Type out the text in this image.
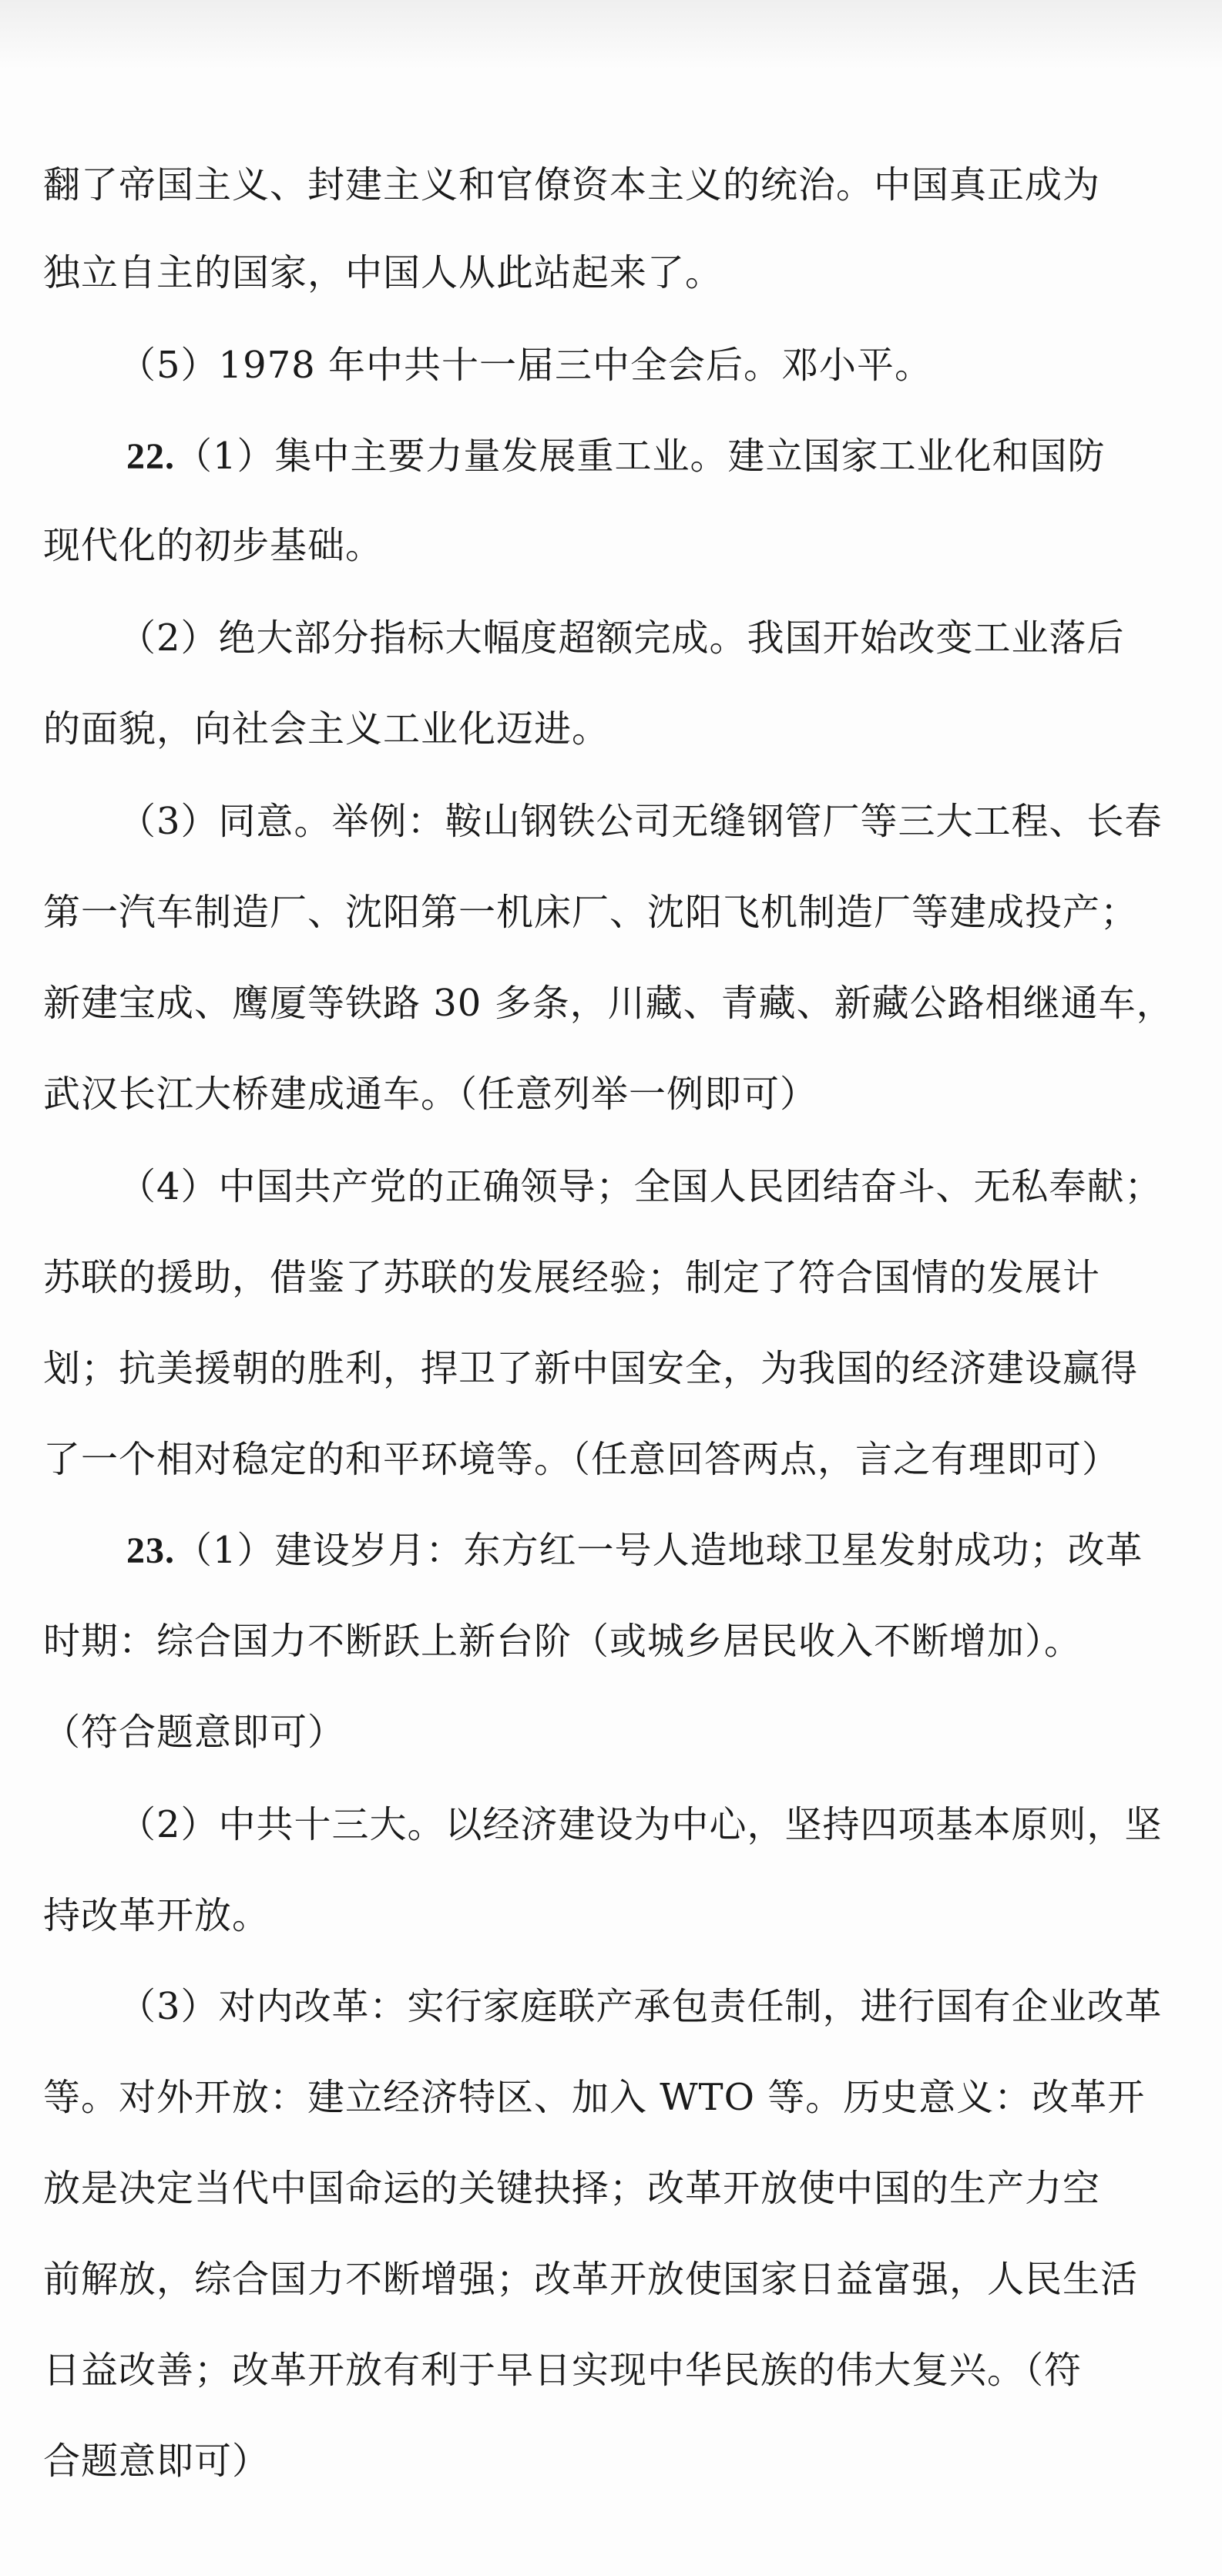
翻了帝国主义、封建主义和官僚资本主义的统治。中国真正成为
独立自主的国家，中国人从此站起来了。
（5）1978 年中共十一届三中全会后。邓小平。
22.（1）集中主要力量发展重工业。建立国家工业化和国防
现代化的初步基础。
（2）绝大部分指标大幅度超额完成。我国开始改变工业落后
的面貌，向社会主义工业化迈进。
（3）同意。举例：鞍山钢铁公司无缝钢管厂等三大工程、长春
第一汽车制造厂、沈阳第一机床厂、沈阳飞机制造厂等建成投产；
新建宝成、鹰厦等铁路 30 多条，川藏、青藏、新藏公路相继通车，
武汉长江大桥建成通车。（任意列举一例即可）
（4）中国共产党的正确领导；全国人民团结奋斗、无私奉献；
苏联的援助，借鉴了苏联的发展经验；制定了符合国情的发展计
划；抗美援朝的胜利，捍卫了新中国安全，为我国的经济建设赢得
了一个相对稳定的和平环境等。（任意回答两点，言之有理即可）
23.（1）建设岁月：东方红一号人造地球卫星发射成功；改革
时期：综合国力不断跃上新台阶（或城乡居民收入不断增加）。
（符合题意即可）
（2）中共十三大。以经济建设为中心，坚持四项基本原则，坚
持改革开放。
（3）对内改革：实行家庭联产承包责任制，进行国有企业改革
等。对外开放：建立经济特区、加入 WTO 等。历史意义：改革开
放是决定当代中国命运的关键抉择；改革开放使中国的生产力空
前解放，综合国力不断增强；改革开放使国家日益富强，人民生活
日益改善；改革开放有利于早日实现中华民族的伟大复兴。（符
合题意即可）
